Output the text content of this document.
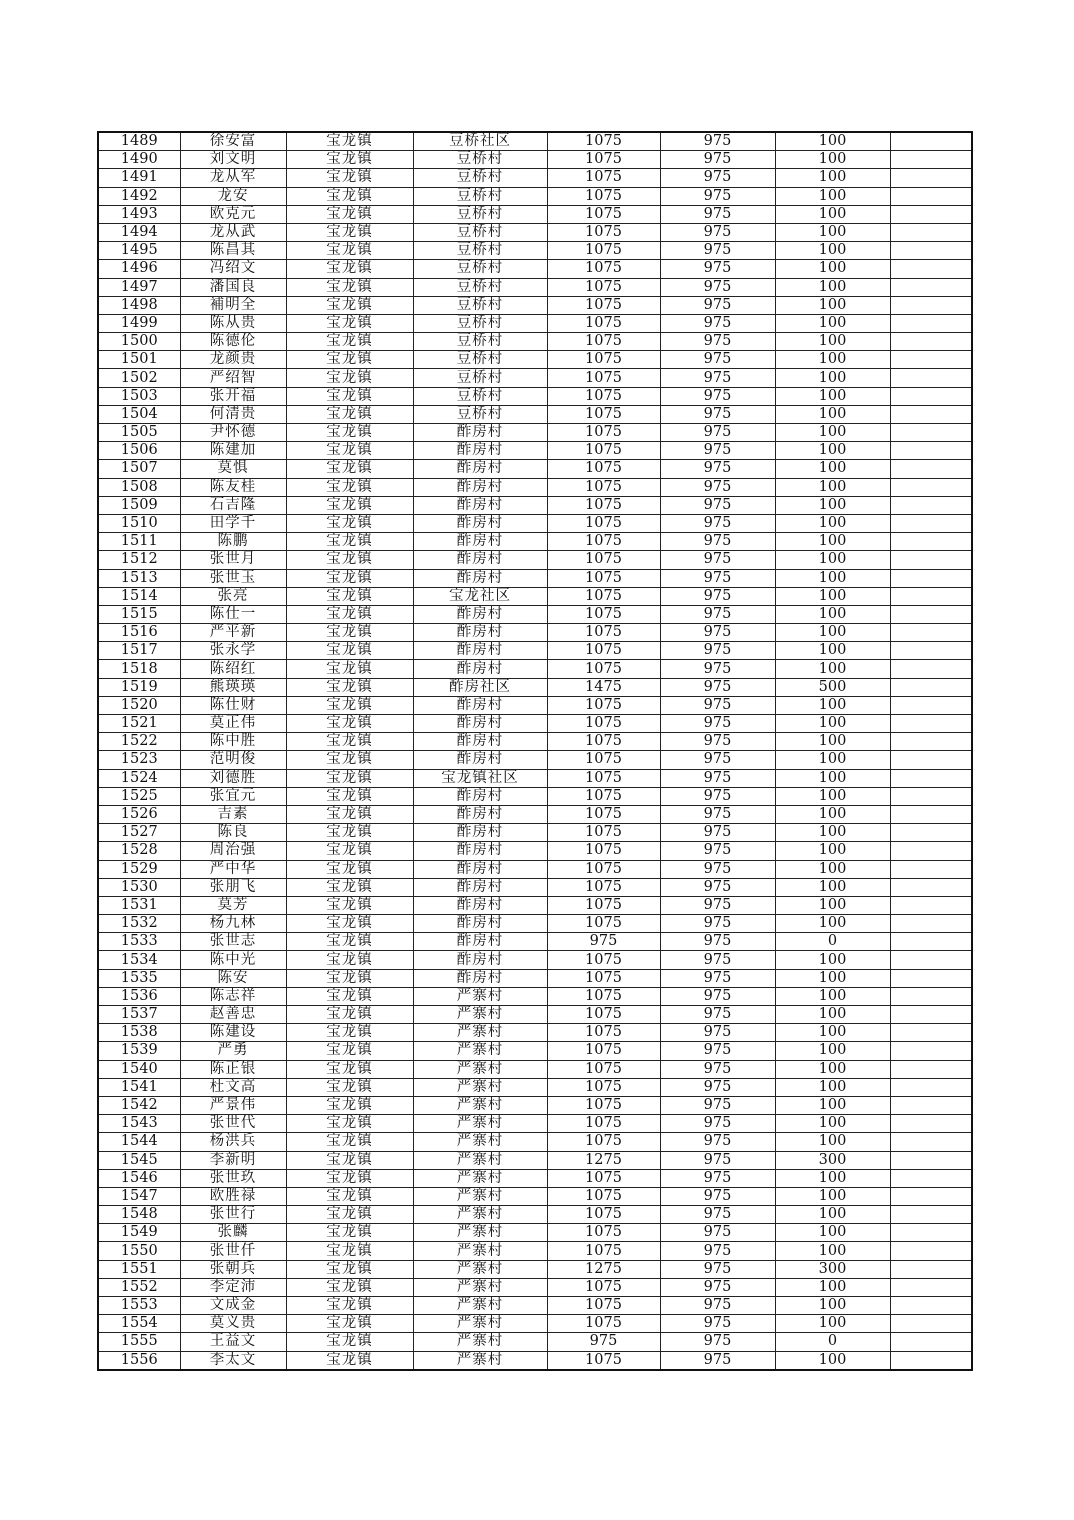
1489	徐安富	宝龙镇	豆桥社区	1075	975	100	
1490	刘文明	宝龙镇	豆桥村	1075	975	100	
1491	龙从军	宝龙镇	豆桥村	1075	975	100	
1492	龙安	宝龙镇	豆桥村	1075	975	100	
1493	欧克元	宝龙镇	豆桥村	1075	975	100	
1494	龙从武	宝龙镇	豆桥村	1075	975	100	
1495	陈昌其	宝龙镇	豆桥村	1075	975	100	
1496	冯绍文	宝龙镇	豆桥村	1075	975	100	
1497	潘国良	宝龙镇	豆桥村	1075	975	100	
1498	補明全	宝龙镇	豆桥村	1075	975	100	
1499	陈从贵	宝龙镇	豆桥村	1075	975	100	
1500	陈德伦	宝龙镇	豆桥村	1075	975	100	
1501	龙颜贵	宝龙镇	豆桥村	1075	975	100	
1502	严绍智	宝龙镇	豆桥村	1075	975	100	
1503	张开福	宝龙镇	豆桥村	1075	975	100	
1504	何清贵	宝龙镇	豆桥村	1075	975	100	
1505	尹怀德	宝龙镇	酢房村	1075	975	100	
1506	陈建加	宝龙镇	酢房村	1075	975	100	
1507	莫惧	宝龙镇	酢房村	1075	975	100	
1508	陈友桂	宝龙镇	酢房村	1075	975	100	
1509	石吉隆	宝龙镇	酢房村	1075	975	100	
1510	田学千	宝龙镇	酢房村	1075	975	100	
1511	陈鹏	宝龙镇	酢房村	1075	975	100	
1512	张世月	宝龙镇	酢房村	1075	975	100	
1513	张世玉	宝龙镇	酢房村	1075	975	100	
1514	张亮	宝龙镇	宝龙社区	1075	975	100	
1515	陈仕一	宝龙镇	酢房村	1075	975	100	
1516	严平新	宝龙镇	酢房村	1075	975	100	
1517	张永学	宝龙镇	酢房村	1075	975	100	
1518	陈绍红	宝龙镇	酢房村	1075	975	100	
1519	熊瑛瑛	宝龙镇	酢房社区	1475	975	500	
1520	陈仕财	宝龙镇	酢房村	1075	975	100	
1521	莫正伟	宝龙镇	酢房村	1075	975	100	
1522	陈中胜	宝龙镇	酢房村	1075	975	100	
1523	范明俊	宝龙镇	酢房村	1075	975	100	
1524	刘德胜	宝龙镇	宝龙镇社区	1075	975	100	
1525	张宜元	宝龙镇	酢房村	1075	975	100	
1526	吉素	宝龙镇	酢房村	1075	975	100	
1527	陈良	宝龙镇	酢房村	1075	975	100	
1528	周治强	宝龙镇	酢房村	1075	975	100	
1529	严中华	宝龙镇	酢房村	1075	975	100	
1530	张朋飞	宝龙镇	酢房村	1075	975	100	
1531	莫芳	宝龙镇	酢房村	1075	975	100	
1532	杨九林	宝龙镇	酢房村	1075	975	100	
1533	张世志	宝龙镇	酢房村	975	975	0	
1534	陈中光	宝龙镇	酢房村	1075	975	100	
1535	陈安	宝龙镇	酢房村	1075	975	100	
1536	陈志祥	宝龙镇	严寨村	1075	975	100	
1537	赵善忠	宝龙镇	严寨村	1075	975	100	
1538	陈建设	宝龙镇	严寨村	1075	975	100	
1539	严勇	宝龙镇	严寨村	1075	975	100	
1540	陈正银	宝龙镇	严寨村	1075	975	100	
1541	杜文高	宝龙镇	严寨村	1075	975	100	
1542	严景伟	宝龙镇	严寨村	1075	975	100	
1543	张世代	宝龙镇	严寨村	1075	975	100	
1544	杨洪兵	宝龙镇	严寨村	1075	975	100	
1545	李新明	宝龙镇	严寨村	1275	975	300	
1546	张世玖	宝龙镇	严寨村	1075	975	100	
1547	欧胜禄	宝龙镇	严寨村	1075	975	100	
1548	张世行	宝龙镇	严寨村	1075	975	100	
1549	张麟	宝龙镇	严寨村	1075	975	100	
1550	张世仟	宝龙镇	严寨村	1075	975	100	
1551	张朝兵	宝龙镇	严寨村	1275	975	300	
1552	李定沛	宝龙镇	严寨村	1075	975	100	
1553	文成金	宝龙镇	严寨村	1075	975	100	
1554	莫义贵	宝龙镇	严寨村	1075	975	100	
1555	王益文	宝龙镇	严寨村	975	975	0	
1556	李太文	宝龙镇	严寨村	1075	975	100	
